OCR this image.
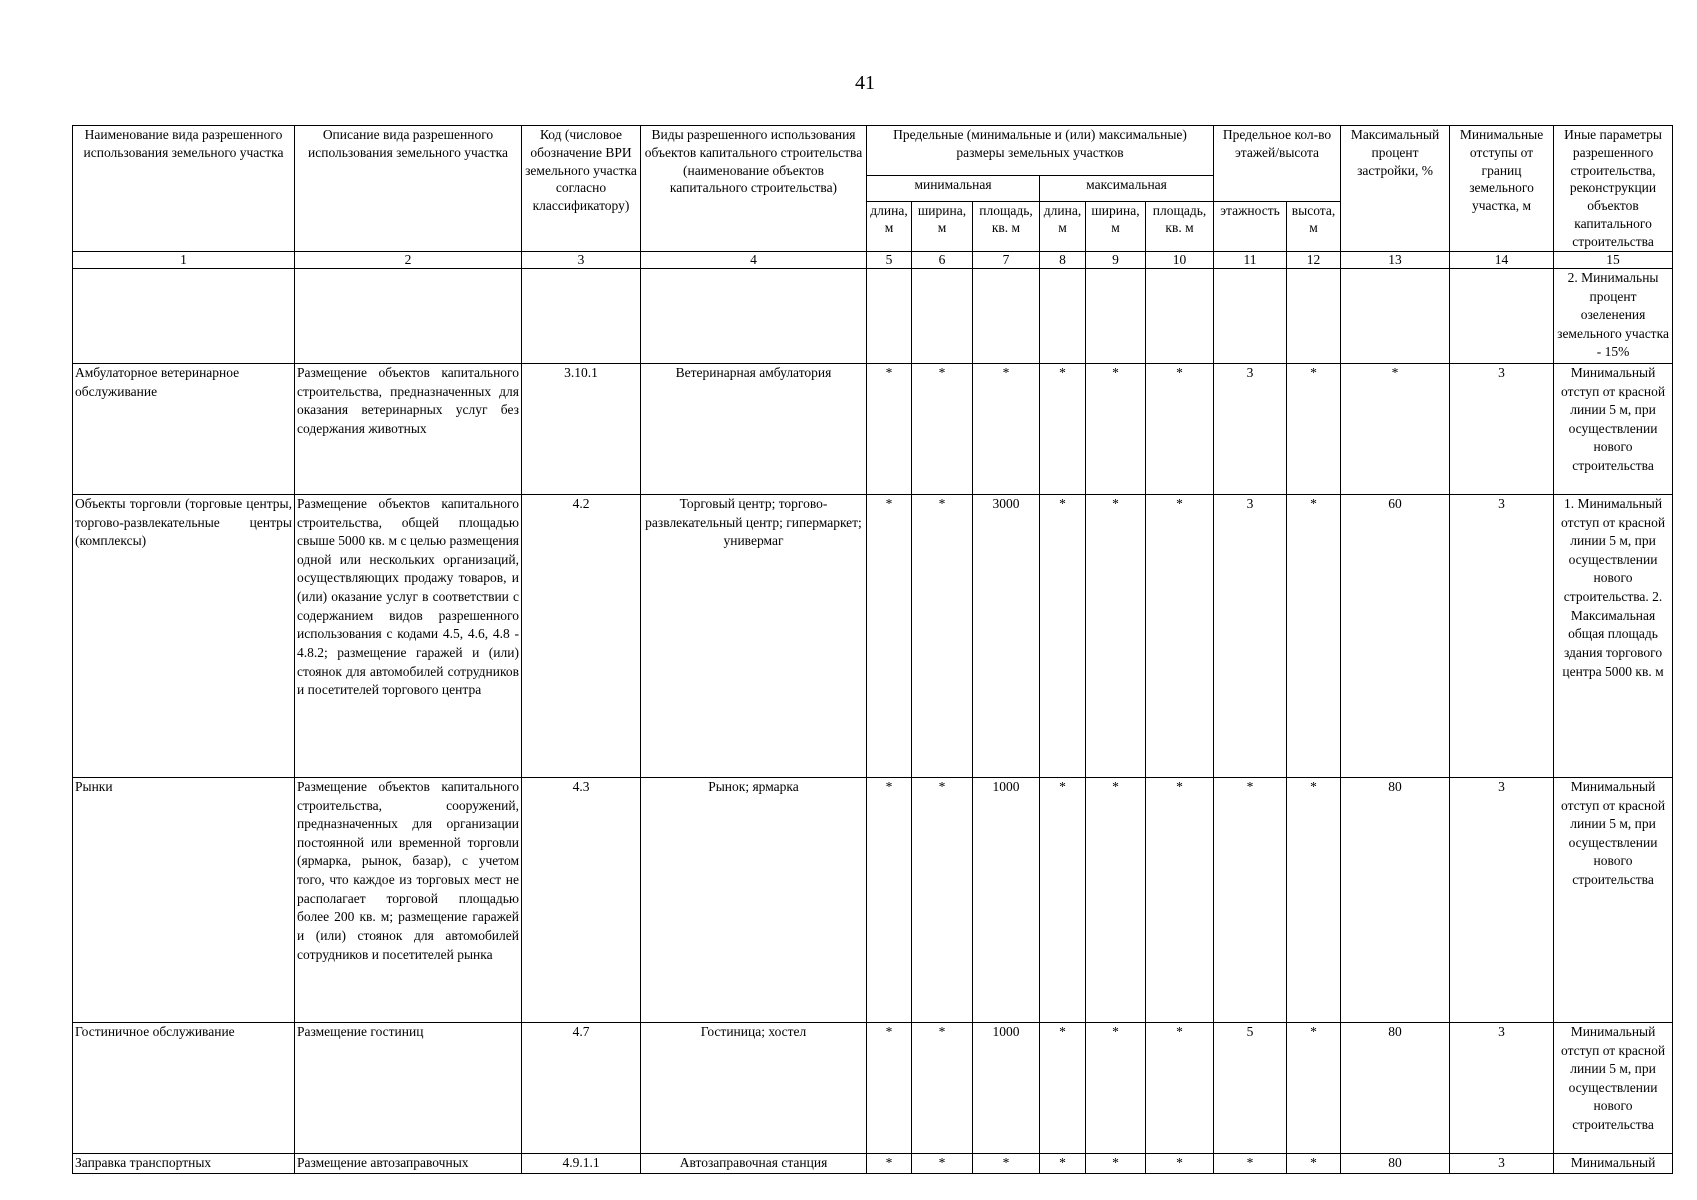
41
Наименование вида разрешенного использования земельного участка	Описание вида разрешенного использования земельного участка	Код (числовое обозначение ВРИ земельного участка согласно классификатору)	Виды разрешенного использования объектов капитального строительства (наименование объектов капитального строительства)	Предельные (минимальные и (или) максимальные) размеры земельных участков						Предельное кол-во этажей/высота		Максимальный процент застройки, %	Минимальные отступы от границ земельного участка, м	Иные параметры разрешенного строительства, реконструкции объектов капитального строительства
				минимальная			максимальная							
				длина, м	ширина, м	площадь, кв. м	длина, м	ширина, м	площадь, кв. м	этажность	высота, м			
1	2	3	4	5	6	7	8	9	10	11	12	13	14	15
														2. Минимальны процент озеленения земельного участка - 15%
Амбулаторное ветеринарное обслуживание	Размещение объектов капитального строительства, предназначенных для оказания ветеринарных услуг без содержания животных	3.10.1	Ветеринарная амбулатория	*	*	*	*	*	*	3	*	*	3	Минимальный отступ от красной линии 5 м, при осуществлении нового строительства
Объекты торговли (торговые центры, торгово-развлекательные центры (комплексы)	Размещение объектов капитального строительства, общей площадью свыше 5000 кв. м с целью размещения одной или нескольких организаций, осуществляющих продажу товаров, и (или) оказание услуг в соответствии с содержанием видов разрешенного использования с кодами 4.5, 4.6, 4.8 - 4.8.2; размещение гаражей и (или) стоянок для автомобилей сотрудников и посетителей торгового центра	4.2	Торговый центр; торгово-развлекательный центр; гипермаркет; универмаг	*	*	3000	*	*	*	3	*	60	3	1. Минимальный отступ от красной линии 5 м, при осуществлении нового строительства. 2. Максимальная общая площадь здания торгового центра 5000 кв. м
Рынки	Размещение объектов капитального строительства, сооружений, предназначенных для организации постоянной или временной торговли (ярмарка, рынок, базар), с учетом того, что каждое из торговых мест не располагает торговой площадью более 200 кв. м; размещение гаражей и (или) стоянок для автомобилей сотрудников и посетителей рынка	4.3	Рынок; ярмарка	*	*	1000	*	*	*	*	*	80	3	Минимальный отступ от красной линии 5 м, при осуществлении нового строительства
Гостиничное обслуживание	Размещение гостиниц	4.7	Гостиница; хостел	*	*	1000	*	*	*	5	*	80	3	Минимальный отступ от красной линии 5 м, при осуществлении нового строительства
Заправка транспортных	Размещение автозаправочных	4.9.1.1	Автозаправочная станция	*	*	*	*	*	*	*	*	80	3	Минимальный
